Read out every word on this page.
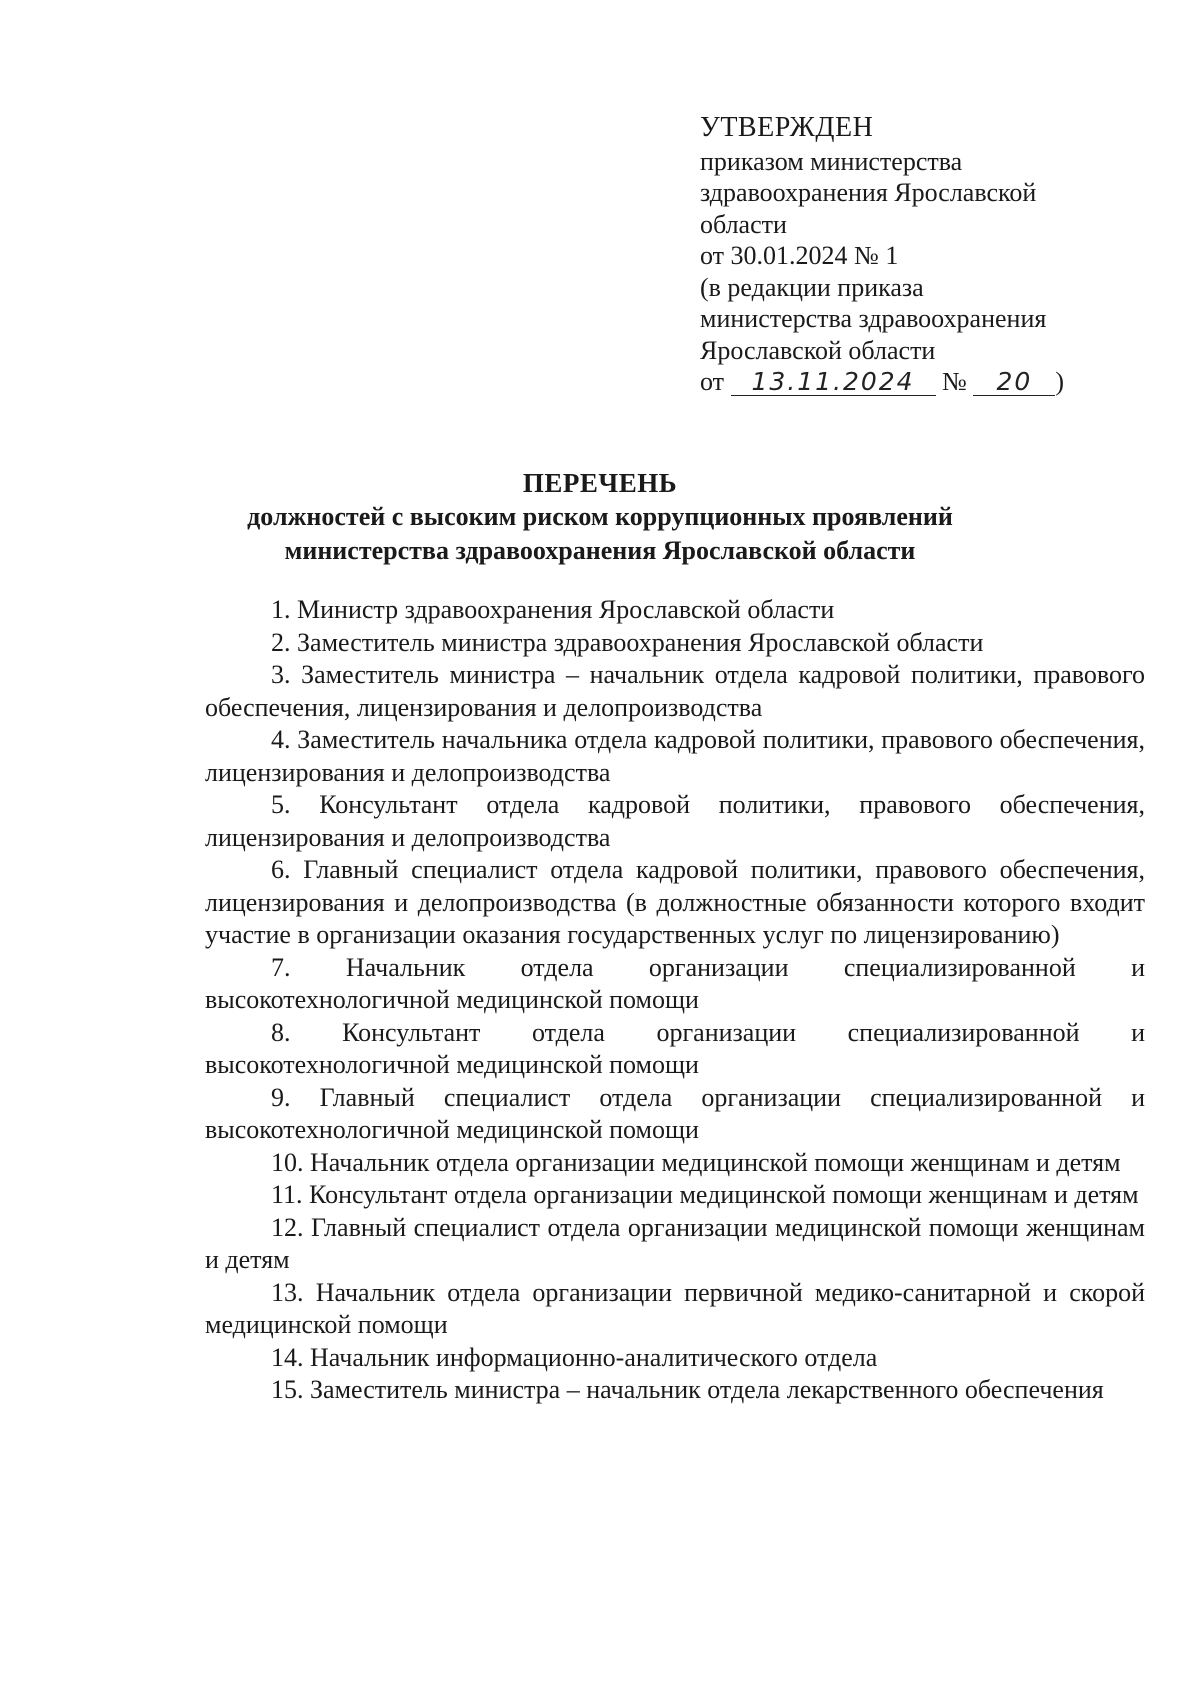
УТВЕРЖДЕН
приказом министерства
здравоохранения Ярославской
области
от 30.01.2024 № 1
(в редакции приказа
министерства здравоохранения
Ярославской области
от 13.11.2024 № 20 )
ПЕРЕЧЕНЬ
должностей с высоким риском коррупционных проявлений
министерства здравоохранения Ярославской области

1. Министр здравоохранения Ярославской области

2. Заместитель министра здравоохранения Ярославской области

3. Заместитель министра – начальник отдела кадровой политики, правового обеспечения, лицензирования и делопроизводства

4. Заместитель начальника отдела кадровой политики, правового обеспечения, лицензирования и делопроизводства

5. Консультант отдела кадровой политики, правового обеспечения, лицензирования и делопроизводства

6. Главный специалист отдела кадровой политики, правового обеспечения, лицензирования и делопроизводства (в должностные обязанности которого входит участие в организации оказания государственных услуг по лицензированию)

7. Начальник отдела организации специализированной и высокотехнологичной медицинской помощи

8. Консультант отдела организации специализированной и высокотехнологичной медицинской помощи

9. Главный специалист отдела организации специализированной и высокотехнологичной медицинской помощи

10. Начальник отдела организации медицинской помощи женщинам и детям

11. Консультант отдела организации медицинской помощи женщинам и детям

12. Главный специалист отдела организации медицинской помощи женщинам и детям

13. Начальник отдела организации первичной медико-санитарной и скорой медицинской помощи

14. Начальник информационно-аналитического отдела

15. Заместитель министра – начальник отдела лекарственного обеспечения
